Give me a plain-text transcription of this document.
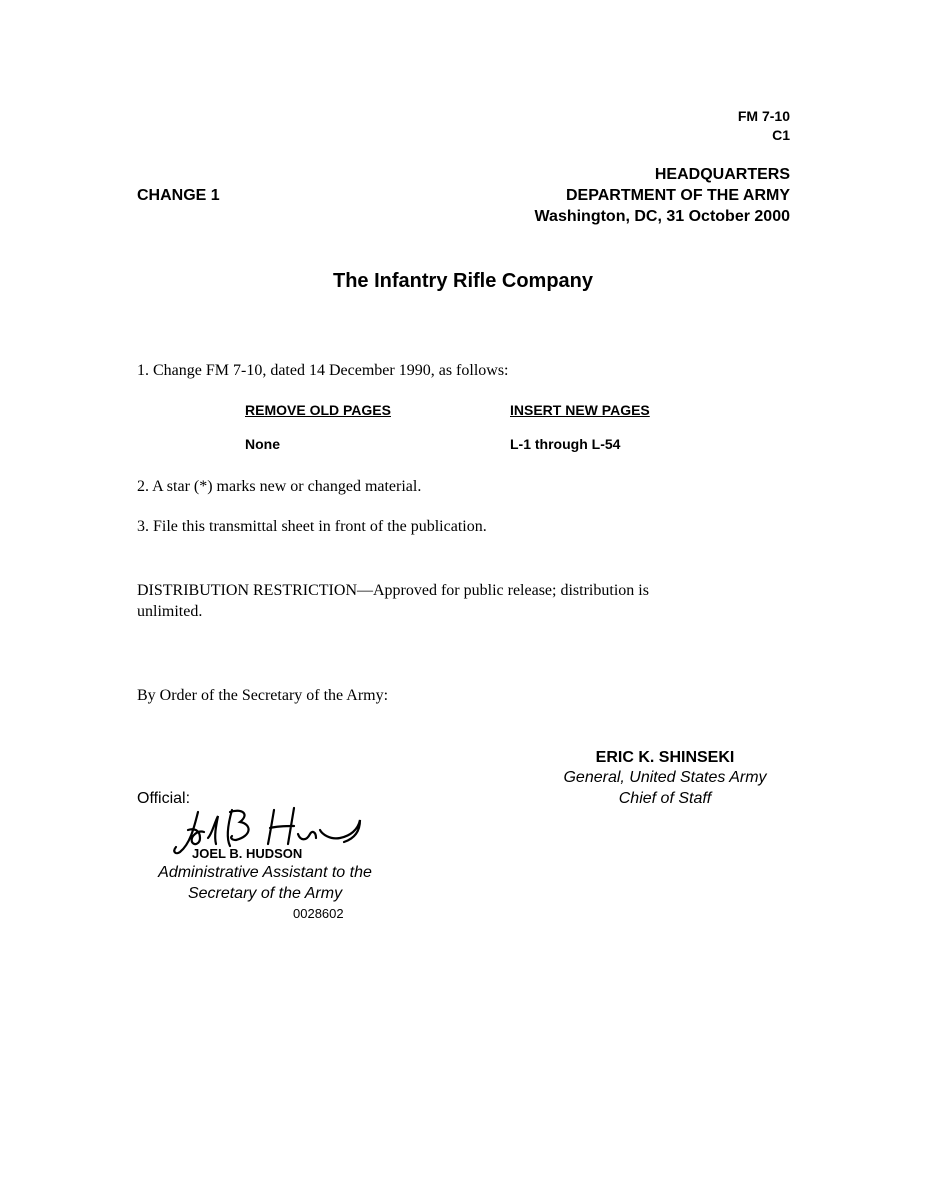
FM 7-10
C1
HEADQUARTERS
DEPARTMENT OF THE ARMY
Washington, DC, 31 October 2000
CHANGE 1
The Infantry Rifle Company
1. Change FM 7-10, dated 14 December 1990, as follows:
REMOVE OLD PAGES	INSERT NEW PAGES
None	L-1 through L-54
2. A star (*) marks new or changed material.
3. File this transmittal sheet in front of the publication.
DISTRIBUTION RESTRICTION—Approved for public release; distribution is
unlimited.
By Order of the Secretary of the Army:
ERIC K. SHINSEKI
General, United States Army
Chief of Staff
Official:
JOEL B. HUDSON
Administrative Assistant to the
Secretary of the Army
0028602
